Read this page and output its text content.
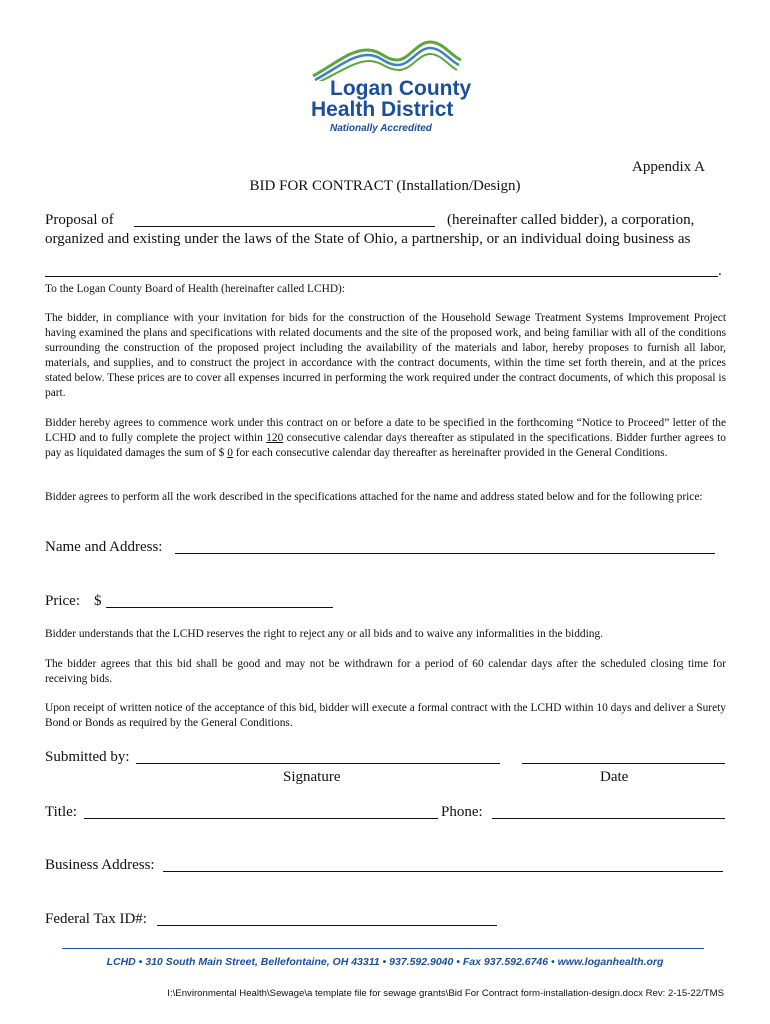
Logan County
Health District
Nationally Accredited
Appendix A
BID FOR CONTRACT (Installation/Design)
Proposal of	(hereinafter called bidder), a corporation,
organized and existing under the laws of the State of Ohio, a partnership, or an individual doing business as
.
To the Logan County Board of Health (hereinafter called LCHD):
The bidder, in compliance with your invitation for bids for the construction of the Household Sewage Treatment Systems Improvement Project having examined the plans and specifications with related documents and the site of the proposed work, and being familiar with all of the conditions surrounding the construction of the proposed project including the availability of the materials and labor, hereby proposes to furnish all labor, materials, and supplies, and to construct the project in accordance with the contract documents, within the time set forth therein, and at the prices stated below. These prices are to cover all expenses incurred in performing the work required under the contract documents, of which this proposal is part.
Bidder hereby agrees to commence work under this contract on or before a date to be specified in the forthcoming “Notice to Proceed” letter of the LCHD and to fully complete the project within 120 consecutive calendar days thereafter as stipulated in the specifications. Bidder further agrees to pay as liquidated damages the sum of $ 0 for each consecutive calendar day thereafter as hereinafter provided in the General Conditions.
Bidder agrees to perform all the work described in the specifications attached for the name and address stated below and for the following price:
Name and Address:
Price: $
Bidder understands that the LCHD reserves the right to reject any or all bids and to waive any informalities in the bidding.
The bidder agrees that this bid shall be good and may not be withdrawn for a period of 60 calendar days after the scheduled closing time for receiving bids.
Upon receipt of written notice of the acceptance of this bid, bidder will execute a formal contract with the LCHD within 10 days and deliver a Surety Bond or Bonds as required by the General Conditions.
Submitted by:
Signature	Date
Title:	Phone:
Business Address:
Federal Tax ID#:
LCHD • 310 South Main Street, Bellefontaine, OH 43311 • 937.592.9040 • Fax 937.592.6746 • www.loganhealth.org
I:\Environmental Health\Sewage\a template file for sewage grants\Bid For Contract form-installation-design.docx Rev: 2-15-22/TMS
